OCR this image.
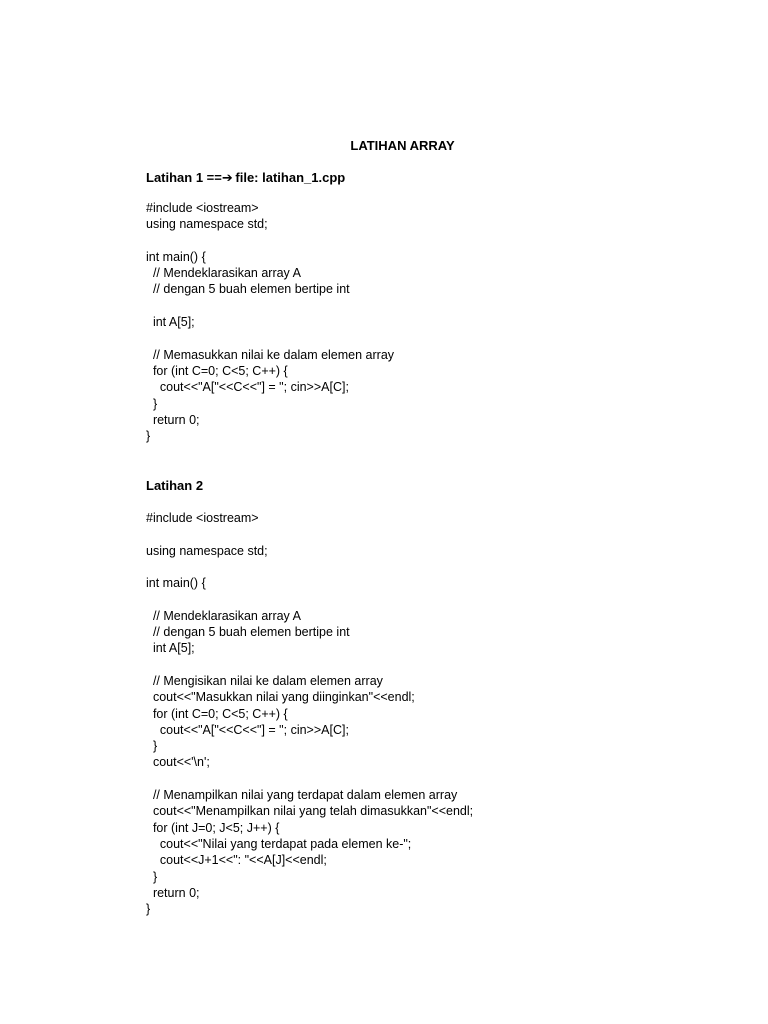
LATIHAN ARRAY
Latihan 1 ==➔ file: latihan_1.cpp
#include <iostream>
using namespace std;
int main() {
// Mendeklarasikan array A
// dengan 5 buah elemen bertipe int
int A[5];
// Memasukkan nilai ke dalam elemen array
for (int C=0; C<5; C++) {
cout<<"A["<<C<<"] = "; cin>>A[C];
}
return 0;
}
Latihan 2
#include <iostream>
using namespace std;
int main() {
// Mendeklarasikan array A
// dengan 5 buah elemen bertipe int
int A[5];
// Mengisikan nilai ke dalam elemen array
cout<<"Masukkan nilai yang diinginkan"<<endl;
for (int C=0; C<5; C++) {
cout<<"A["<<C<<"] = "; cin>>A[C];
}
cout<<'\n';
// Menampilkan nilai yang terdapat dalam elemen array
cout<<"Menampilkan nilai yang telah dimasukkan"<<endl;
for (int J=0; J<5; J++) {
cout<<"Nilai yang terdapat pada elemen ke-";
cout<<J+1<<": "<<A[J]<<endl;
}
return 0;
}
